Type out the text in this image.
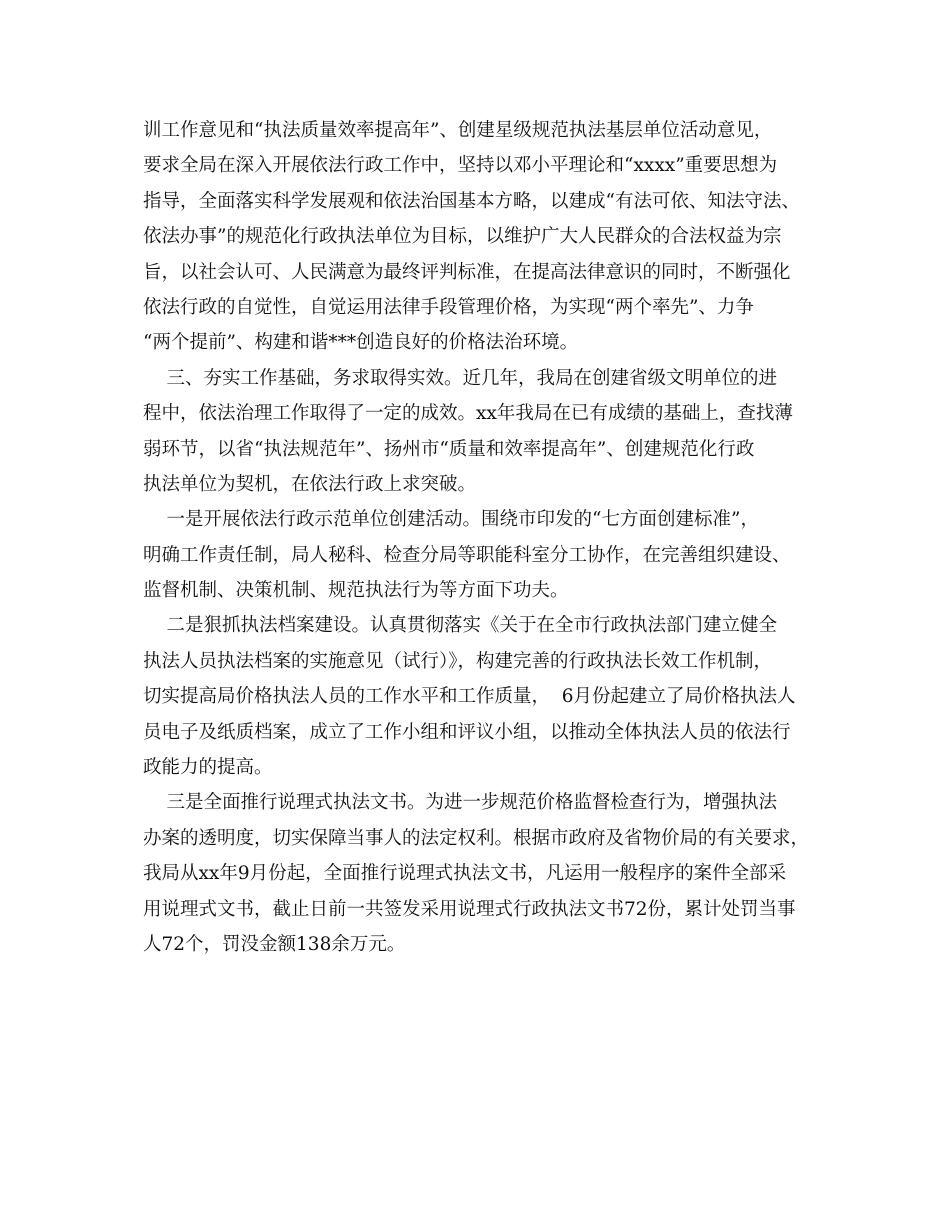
训工作意见和“执法质量效率提高年”、创建星级规范执法基层单位活动意见，
要求全局在深入开展依法行政工作中，坚持以邓小平理论和“xxxx”重要思想为
指导，全面落实科学发展观和依法治国基本方略，以建成“有法可依、知法守法、
依法办事”的规范化行政执法单位为目标，以维护广大人民群众的合法权益为宗
旨，以社会认可、人民满意为最终评判标准，在提高法律意识的同时，不断强化
依法行政的自觉性，自觉运用法律手段管理价格，为实现“两个率先”、力争
“两个提前”、构建和谐***创造良好的价格法治环境。
三、夯实工作基础，务求取得实效。近几年，我局在创建省级文明单位的进
程中，依法治理工作取得了一定的成效。xx年我局在已有成绩的基础上，查找薄
弱环节，以省“执法规范年”、扬州市“质量和效率提高年”、创建规范化行政
执法单位为契机，在依法行政上求突破。
一是开展依法行政示范单位创建活动。围绕市印发的“七方面创建标准”，
明确工作责任制，局人秘科、检查分局等职能科室分工协作，在完善组织建设、
监督机制、决策机制、规范执法行为等方面下功夫。
二是狠抓执法档案建设。认真贯彻落实《关于在全市行政执法部门建立健全
执法人员执法档案的实施意见（试行）》，构建完善的行政执法长效工作机制，
切实提高局价格执法人员的工作水平和工作质量，  6月份起建立了局价格执法人
员电子及纸质档案，成立了工作小组和评议小组，以推动全体执法人员的依法行
政能力的提高。
三是全面推行说理式执法文书。为进一步规范价格监督检查行为，增强执法
办案的透明度，切实保障当事人的法定权利。根据市政府及省物价局的有关要求，
我局从xx年9月份起，全面推行说理式执法文书，凡运用一般程序的案件全部采
用说理式文书，截止日前一共签发采用说理式行政执法文书72份，累计处罚当事
人72个，罚没金额138余万元。
